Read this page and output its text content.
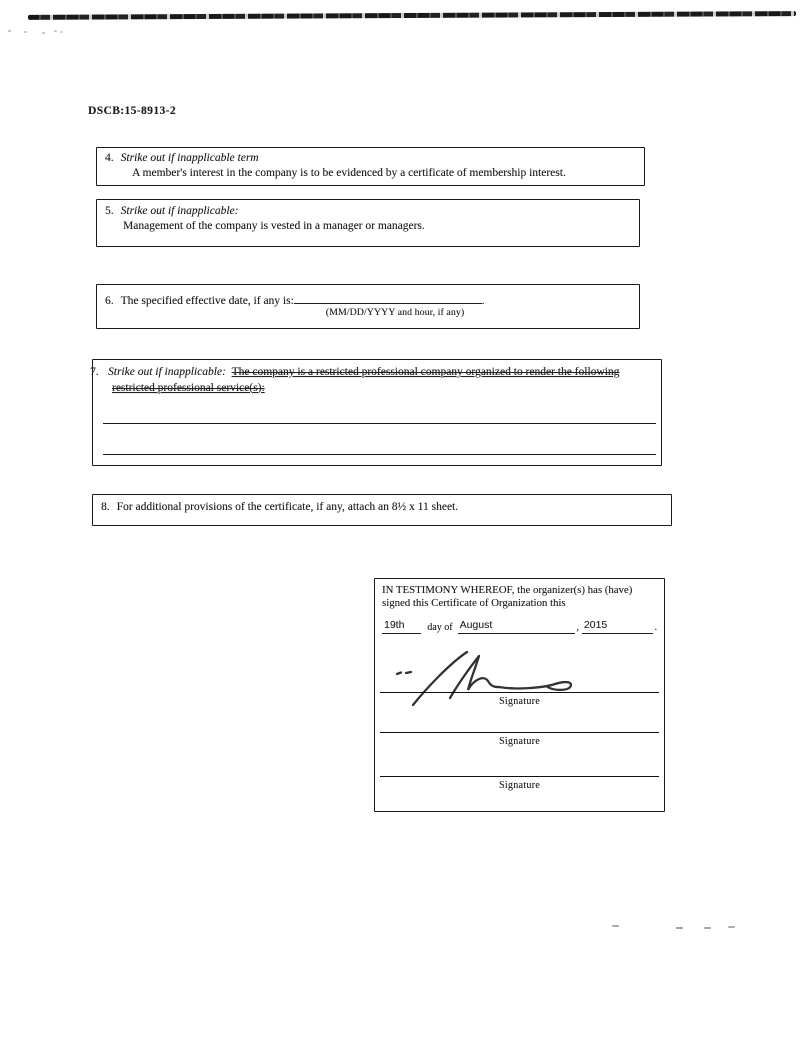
DSCB:15-8913-2
4. Strike out if inapplicable term
A member's interest in the company is to be evidenced by a certificate of membership interest.
5. Strike out if inapplicable:
Management of the company is vested in a manager or managers.
6. The specified effective date, if any is:	.
(MM/DD/YYYY and hour, if any)

7. Strike out if inapplicable: The company is a restricted professional company organized to render the following restricted professional service(s):

8. For additional provisions of the certificate, if any, attach an 8½ x 11 sheet.
IN TESTIMONY WHEREOF, the organizer(s) has (have) signed this Certificate of Organization this
19th	day of August	, 2015	.
Signature
Signature
Signature
